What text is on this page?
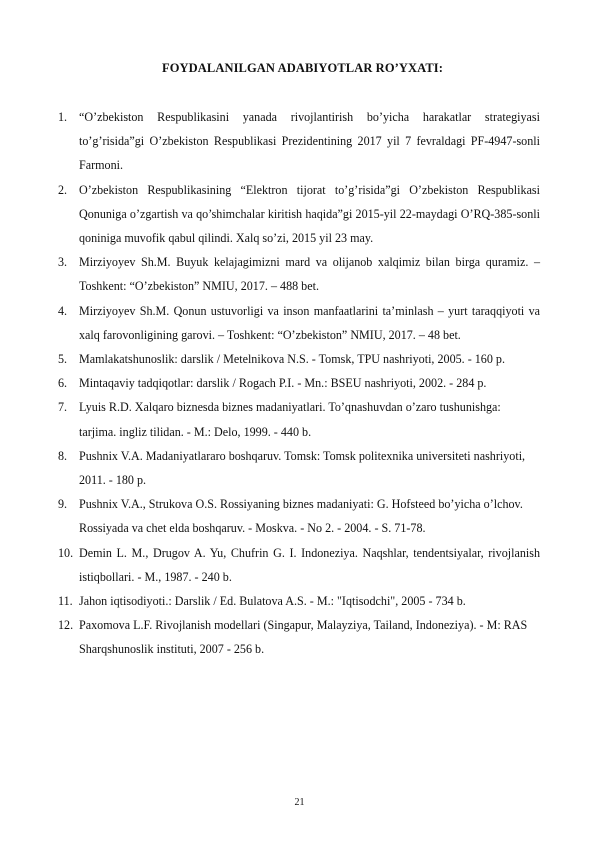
FOYDALANILGAN ADABIYOTLAR RO’YXATI:
1. “O’zbekiston Respublikasini yanada rivojlantirish bo’yicha harakatlar strategiyasi to’g’risida”gi O’zbekiston Respublikasi Prezidentining 2017 yil 7 fevraldagi PF-4947-sonli Farmoni.
2. O’zbekiston Respublikasining “Elektron tijorat to’g’risida”gi O’zbekiston Respublikasi Qonuniga o’zgartish va qo’shimchalar kiritish haqida”gi 2015-yil 22-maydagi O’RQ-385-sonli qoniniga muvofik qabul qilindi. Xalq so’zi, 2015 yil 23 may.
3. Mirziyoyev Sh.M. Buyuk kelajagimizni mard va olijanob xalqimiz bilan birga quramiz. – Toshkent: “O’zbekiston” NMIU, 2017. – 488 bet.
4. Mirziyoyev Sh.M. Qonun ustuvorligi va inson manfaatlarini ta’minlash – yurt taraqqiyoti va xalq farovonligining garovi. – Toshkent: “O’zbekiston” NMIU, 2017. – 48 bet.
5. Mamlakatshunoslik: darslik / Metelnikova N.S. - Tomsk, TPU nashriyoti, 2005. - 160 p.
6. Mintaqaviy tadqiqotlar: darslik / Rogach P.I. - Mn.: BSEU nashriyoti, 2002. - 284 p.
7. Lyuis R.D. Xalqaro biznesda biznes madaniyatlari. To’qnashuvdan o’zaro tushunishga: tarjima. ingliz tilidan. - M.: Delo, 1999. - 440 b.
8. Pushnix V.A. Madaniyatlararo boshqaruv. Tomsk: Tomsk politexnika universiteti nashriyoti, 2011. - 180 p.
9. Pushnix V.A., Strukova O.S. Rossiyaning biznes madaniyati: G. Hofsteed bo’yicha o’lchov. Rossiyada va chet elda boshqaruv. - Moskva. - No 2. - 2004. - S. 71-78.
10. Demin L. M., Drugov A. Yu, Chufrin G. I. Indoneziya. Naqshlar, tendentsiyalar, rivojlanish istiqbollari. - M., 1987. - 240 b.
11. Jahon iqtisodiyoti.: Darslik / Ed. Bulatova A.S. - M.: "Iqtisodchi", 2005 - 734 b.
12. Paxomova L.F. Rivojlanish modellari (Singapur, Malayziya, Tailand, Indoneziya). - M: RAS Sharqshunoslik instituti, 2007 - 256 b.
21
